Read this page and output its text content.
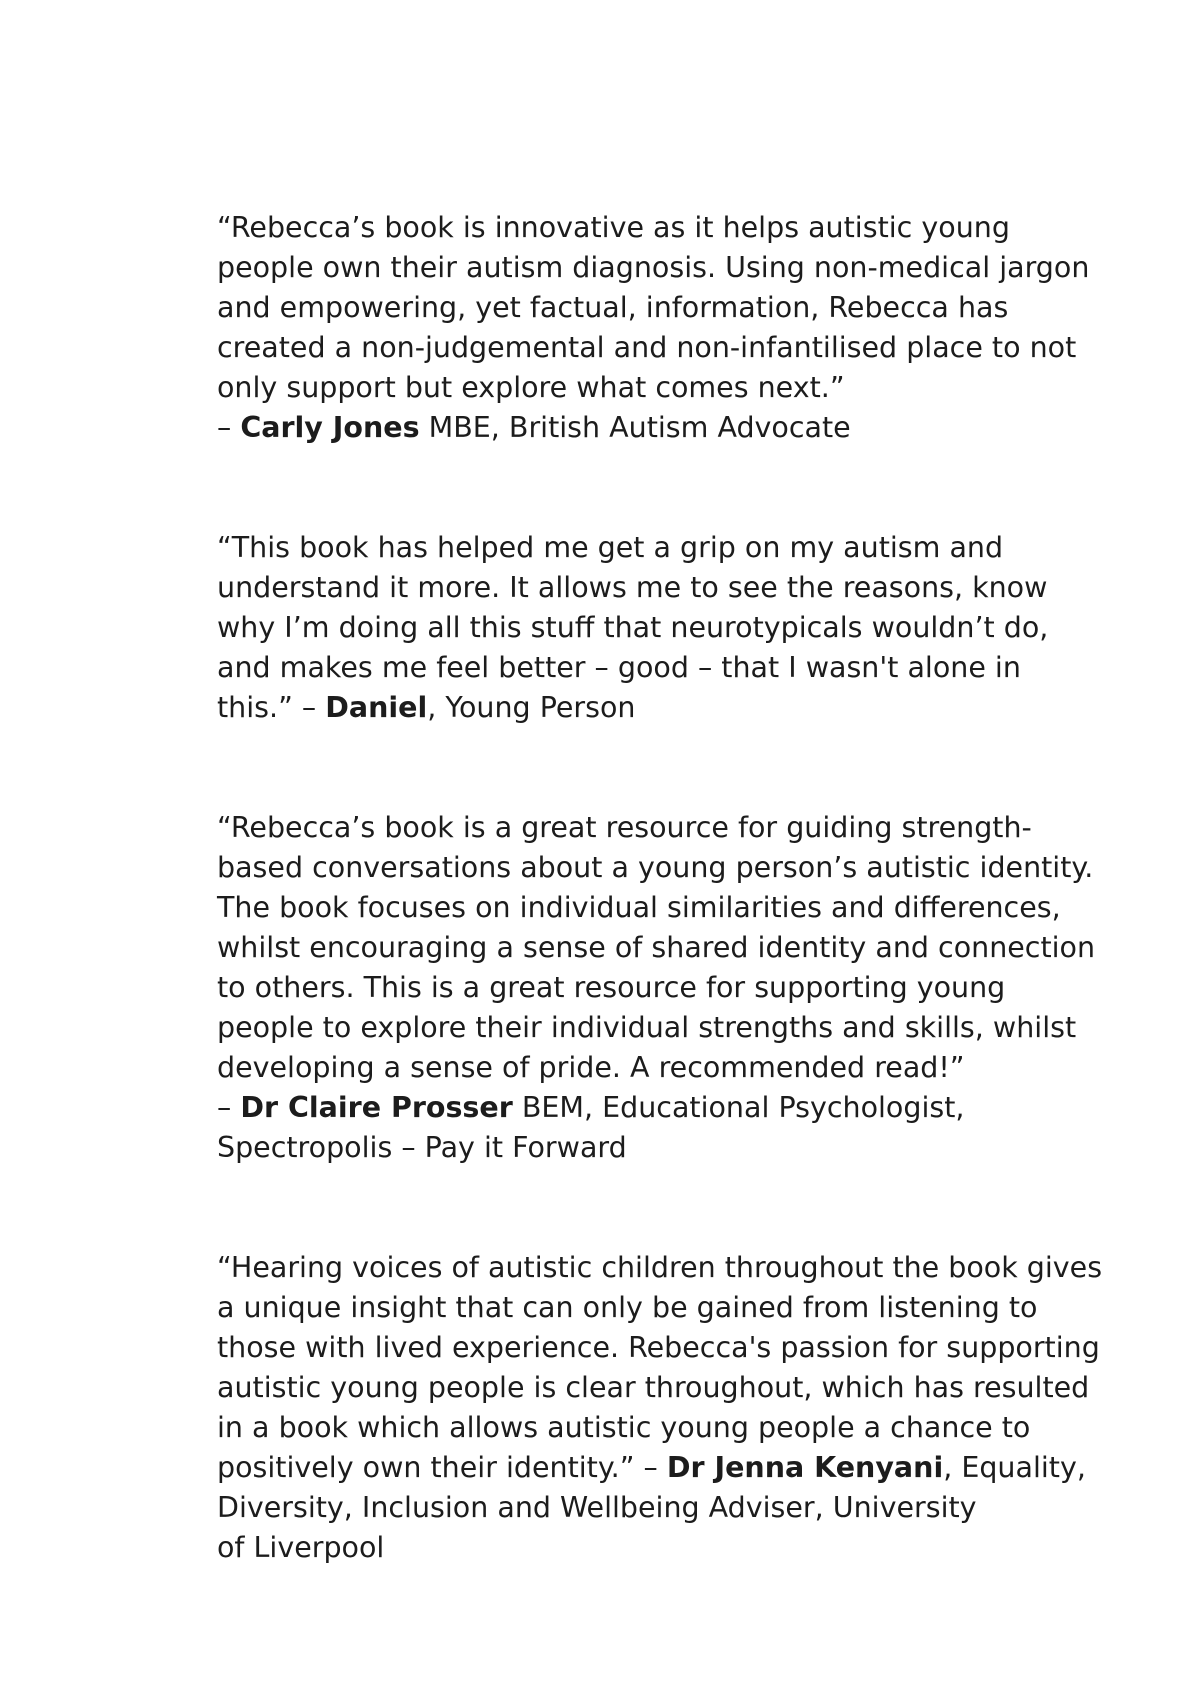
“Rebecca’s book is innovative as it helps autistic young
people own their autism diagnosis. Using non-medical jargon
and empowering, yet factual, information, Rebecca has
created a non-judgemental and non-infantilised place to not
only support but explore what comes next.”
– Carly Jones MBE, British Autism Advocate
“This book has helped me get a grip on my autism and
understand it more. It allows me to see the reasons, know
why I’m doing all this stuff that neurotypicals wouldn’t do,
and makes me feel better – good – that I wasn't alone in
this.” – Daniel, Young Person
“Rebecca’s book is a great resource for guiding strength-
based conversations about a young person’s autistic identity.
The book focuses on individual similarities and differences,
whilst encouraging a sense of shared identity and connection
to others. This is a great resource for supporting young
people to explore their individual strengths and skills, whilst
developing a sense of pride. A recommended read!”
– Dr Claire Prosser BEM, Educational Psychologist,
Spectropolis – Pay it Forward
“Hearing voices of autistic children throughout the book gives
a unique insight that can only be gained from listening to
those with lived experience. Rebecca's passion for supporting
autistic young people is clear throughout, which has resulted
in a book which allows autistic young people a chance to
positively own their identity.” – Dr Jenna Kenyani, Equality,
Diversity, Inclusion and Wellbeing Adviser, University
of Liverpool
